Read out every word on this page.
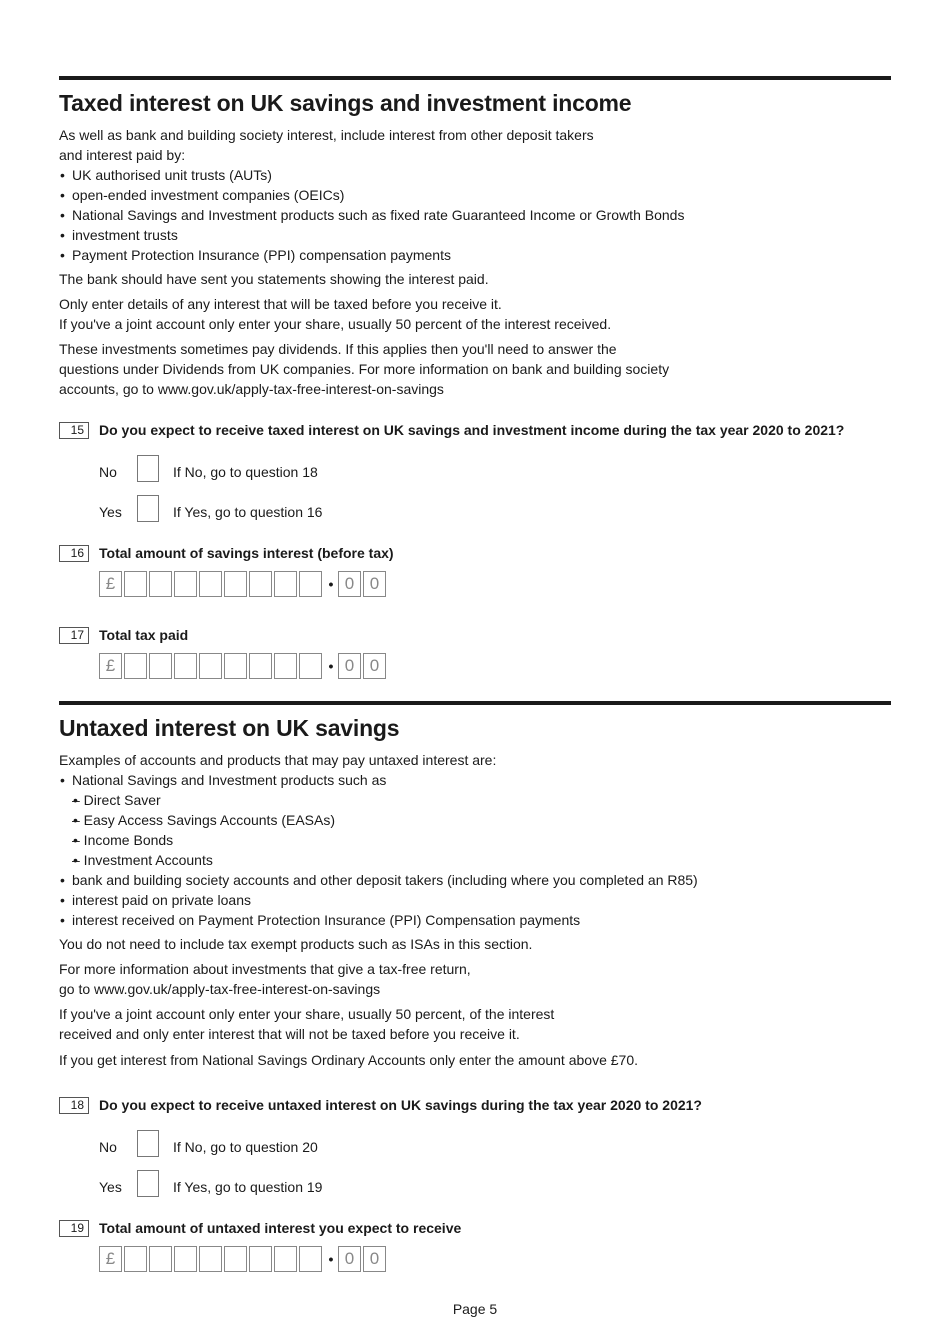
Taxed interest on UK savings and investment income

As well as bank and building society interest, include interest from other deposit takers

and interest paid by:

• UK authorised unit trusts (AUTs)
• open-ended investment companies (OEICs)
• National Savings and Investment products such as fixed rate Guaranteed Income or Growth Bonds
• investment trusts
• Payment Protection Insurance (PPI) compensation payments

The bank should have sent you statements showing the interest paid.

Only enter details of any interest that will be taxed before you receive it.

If you've a joint account only enter your share, usually 50 percent of the interest received.

These investments sometimes pay dividends. If this applies then you'll need to answer the

questions under Dividends from UK companies. For more information on bank and building society

accounts, go to www.gov.uk/apply-tax-free-interest-on-savings

15	Do you expect to receive taxed interest on UK savings and investment income during the tax year 2020 to 2021?
No	If No, go to question 18
Yes	If Yes, go to question 16
16	Total amount of savings interest (before tax)
£	• 0 0
17	Total tax paid
£	• 0 0
Untaxed interest on UK savings

Examples of accounts and products that may pay untaxed interest are:

• National Savings and Investment products such as
• – Direct Saver
• – Easy Access Savings Accounts (EASAs)
• – Income Bonds
• – Investment Accounts
• bank and building society accounts and other deposit takers (including where you completed an R85)
• interest paid on private loans
• interest received on Payment Protection Insurance (PPI) Compensation payments

You do not need to include tax exempt products such as ISAs in this section.

For more information about investments that give a tax-free return,

go to www.gov.uk/apply-tax-free-interest-on-savings

If you've a joint account only enter your share, usually 50 percent, of the interest

received and only enter interest that will not be taxed before you receive it.

If you get interest from National Savings Ordinary Accounts only enter the amount above £70.

18	Do you expect to receive untaxed interest on UK savings during the tax year 2020 to 2021?
No	If No, go to question 20
Yes	If Yes, go to question 19
19	Total amount of untaxed interest you expect to receive
£	• 0 0
Page 5
